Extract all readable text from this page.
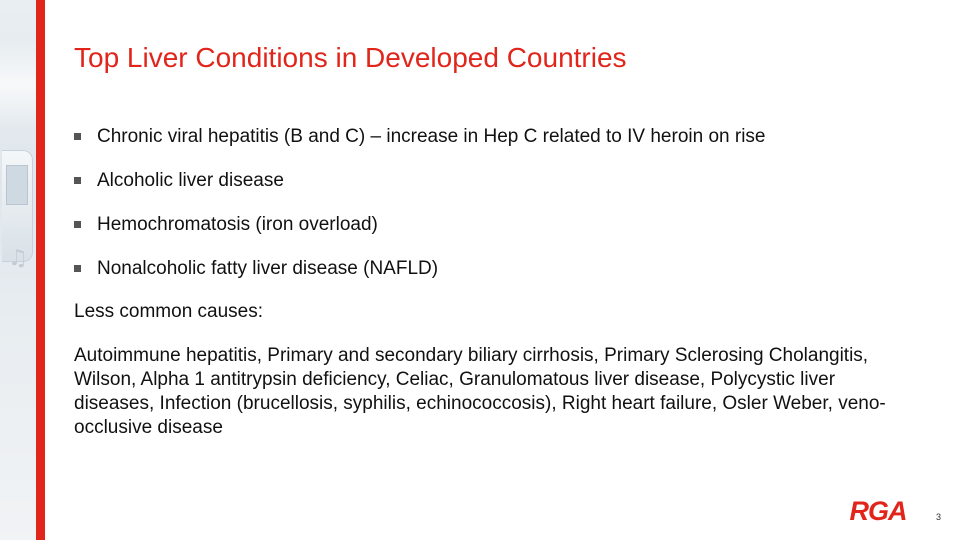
♫
Top Liver Conditions in Developed Countries
Chronic viral hepatitis (B and C) – increase in Hep C related to IV heroin on rise
Alcoholic liver disease
Hemochromatosis (iron overload)
Nonalcoholic fatty liver disease (NAFLD)

Less common causes:

Autoimmune hepatitis, Primary and secondary biliary cirrhosis, Primary Sclerosing Cholangitis, Wilson, Alpha 1 antitrypsin deficiency, Celiac, Granulomatous liver disease, Polycystic liver diseases, Infection (brucellosis, syphilis, echinococcosis), Right heart failure, Osler Weber, veno-occlusive disease

RGA	3
